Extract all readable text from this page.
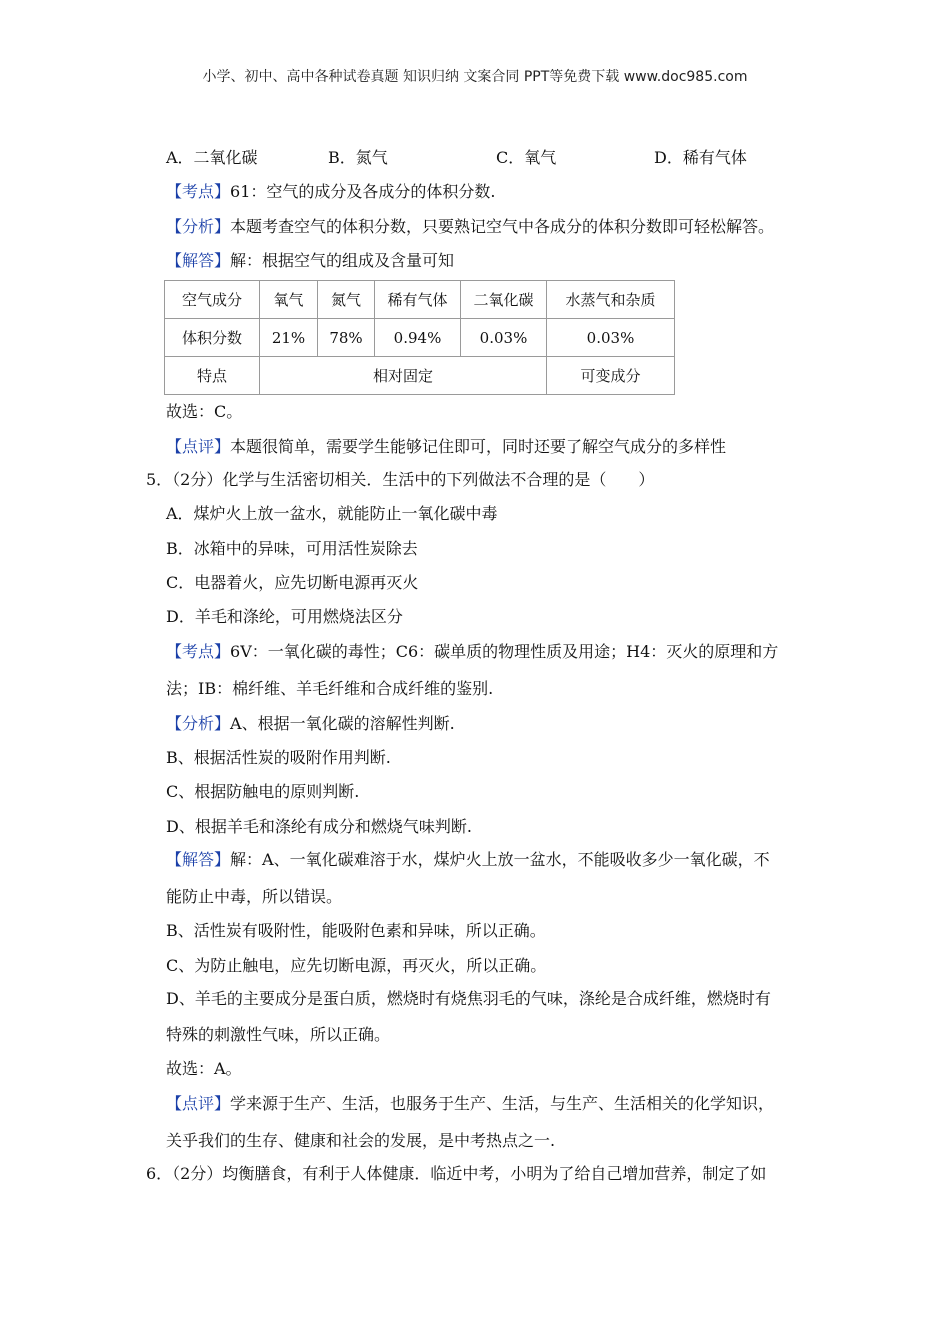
小学、初中、高中各种试卷真题 知识归纳 文案合同 PPT等免费下载 www.doc985.com
A．二氧化碳	B．氮气	C．氧气	D．稀有气体
【考点】61：空气的成分及各成分的体积分数.
【分析】本题考查空气的体积分数，只要熟记空气中各成分的体积分数即可轻松解答。
【解答】解：根据空气的组成及含量可知
空气成分	氧气	氮气	稀有气体	二氧化碳	水蒸气和杂质
体积分数	21%	78%	0.94%	0.03%	0.03%
特点	相对固定				可变成分
故选：C。
【点评】本题很简单，需要学生能够记住即可，同时还要了解空气成分的多样性
5．（2分）化学与生活密切相关．生活中的下列做法不合理的是（　　）
A．煤炉火上放一盆水，就能防止一氧化碳中毒
B．冰箱中的异味，可用活性炭除去
C．电器着火，应先切断电源再灭火
D．羊毛和涤纶，可用燃烧法区分
【考点】6V：一氧化碳的毒性；C6：碳单质的物理性质及用途；H4：灭火的原理和方
法；IB：棉纤维、羊毛纤维和合成纤维的鉴别.
【分析】A、根据一氧化碳的溶解性判断.
B、根据活性炭的吸附作用判断.
C、根据防触电的原则判断.
D、根据羊毛和涤纶有成分和燃烧气味判断.
【解答】解：A、一氧化碳难溶于水，煤炉火上放一盆水，不能吸收多少一氧化碳，不
能防止中毒，所以错误。
B、活性炭有吸附性，能吸附色素和异味，所以正确。
C、为防止触电，应先切断电源，再灭火，所以正确。
D、羊毛的主要成分是蛋白质，燃烧时有烧焦羽毛的气味，涤纶是合成纤维，燃烧时有
特殊的刺激性气味，所以正确。
故选：A。
【点评】学来源于生产、生活，也服务于生产、生活，与生产、生活相关的化学知识，
关乎我们的生存、健康和社会的发展，是中考热点之一.
6．（2分）均衡膳食，有利于人体健康．临近中考，小明为了给自己增加营养，制定了如
